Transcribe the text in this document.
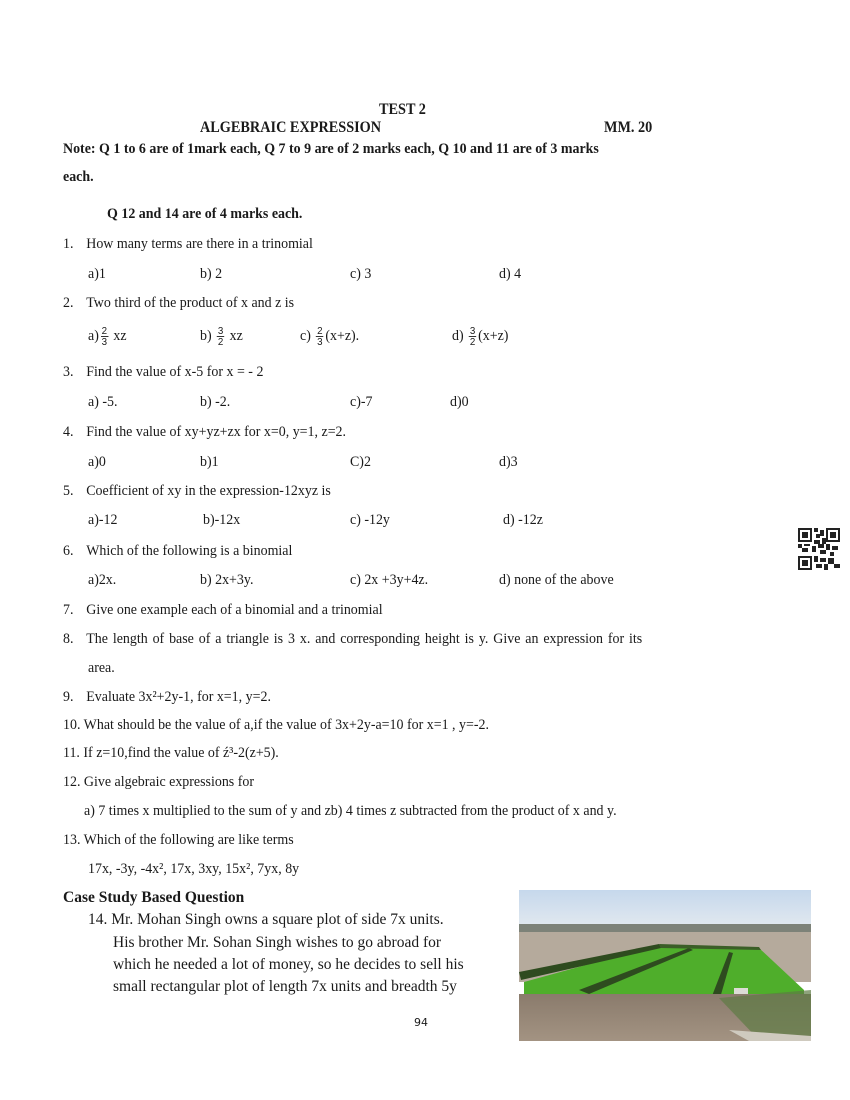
TEST 2
ALGEBRAIC EXPRESSION	MM. 20
Note: Q 1 to 6 are of 1mark each, Q 7 to 9 are of 2 marks each, Q 10 and 11 are of 3 marks
each.
Q 12 and 14 are of 4 marks each.
1. How many terms are there in a trinomial
a)1	b) 2	c) 3	d) 4
2. Two third of the product of x and z is
$a) \frac{2}{3}$ xz	$b) \frac{3}{2}$ xz	$c) \frac{2}{3} (x+z)$.	$d) \frac{3}{2} (x+z)$
3. Find the value of x-5 for x = - 2
a) -5.	b) -2.	c)-7	d)0
4. Find the value of xy+yz+zx for x=0, y=1, z=2.
a)0	b)1	C)2	d)3
5. Coefficient of xy in the expression-12xyz is
a)-12	b)-12x	c) -12y	d) -12z
6. Which of the following is a binomial
a)2x.	b) 2x+3y.	c) 2x +3y+4z.	d) none of the above
7. Give one example each of a binomial and a trinomial
8. The length of base of a triangle is 3 x. and corresponding height is y. Give an expression for its
area.
9. Evaluate 3x²+2y-1, for x=1, y=2.
10. What should be the value of a,if the value of 3x+2y-a=10 for x=1 , y=-2.
11. If z=10,find the value of ź³-2(z+5).
12. Give algebraic expressions for
a) 7 times x multiplied to the sum of y and zb) 4 times z subtracted from the product of x and y.
13. Which of the following are like terms
17x, -3y, -4x², 17x, 3xy, 15x², 7yx, 8y
Case Study Based Question
14. Mr. Mohan Singh owns a square plot of side 7x units.
His brother Mr. Sohan Singh wishes to go abroad for
which he needed a lot of money, so he decides to sell his
small rectangular plot of length 7x units and breadth 5y
94
